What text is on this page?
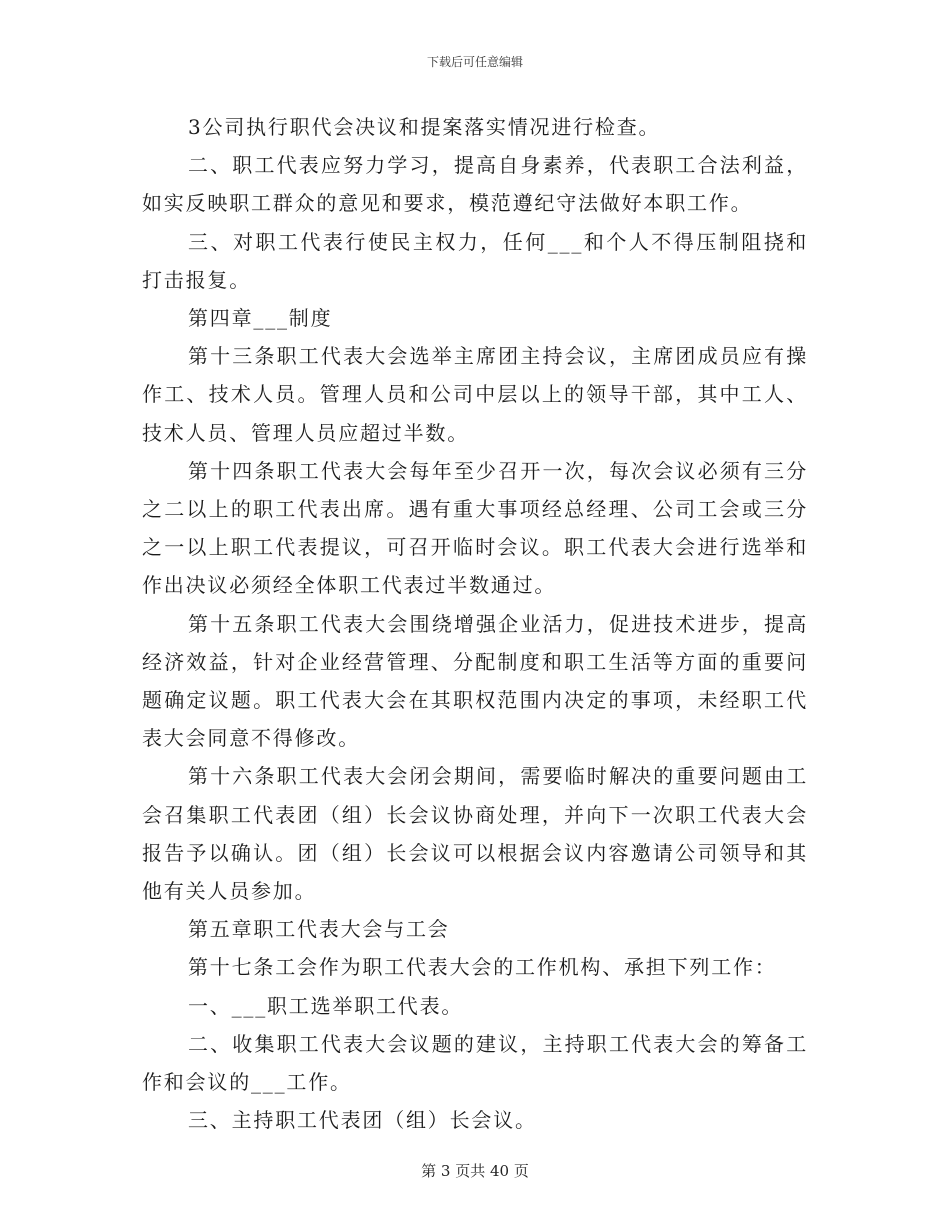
下载后可任意编辑

3公司执行职代会决议和提案落实情况进行检查。

二、职工代表应努力学习，提高自身素养，代表职工合法利益，如实反映职工群众的意见和要求，模范遵纪守法做好本职工作。

三、对职工代表行使民主权力，任何___和个人不得压制阻挠和打击报复。

第四章___制度

第十三条职工代表大会选举主席团主持会议，主席团成员应有操作工、技术人员。管理人员和公司中层以上的领导干部，其中工人、技术人员、管理人员应超过半数。

第十四条职工代表大会每年至少召开一次，每次会议必须有三分之二以上的职工代表出席。遇有重大事项经总经理、公司工会或三分之一以上职工代表提议，可召开临时会议。职工代表大会进行选举和作出决议必须经全体职工代表过半数通过。

第十五条职工代表大会围绕增强企业活力，促进技术进步，提高经济效益，针对企业经营管理、分配制度和职工生活等方面的重要问题确定议题。职工代表大会在其职权范围内决定的事项，未经职工代表大会同意不得修改。

第十六条职工代表大会闭会期间，需要临时解决的重要问题由工会召集职工代表团（组）长会议协商处理，并向下一次职工代表大会报告予以确认。团（组）长会议可以根据会议内容邀请公司领导和其他有关人员参加。

第五章职工代表大会与工会

第十七条工会作为职工代表大会的工作机构、承担下列工作：

一、___职工选举职工代表。

二、收集职工代表大会议题的建议，主持职工代表大会的筹备工作和会议的___工作。

三、主持职工代表团（组）长会议。

第 3 页共 40 页
